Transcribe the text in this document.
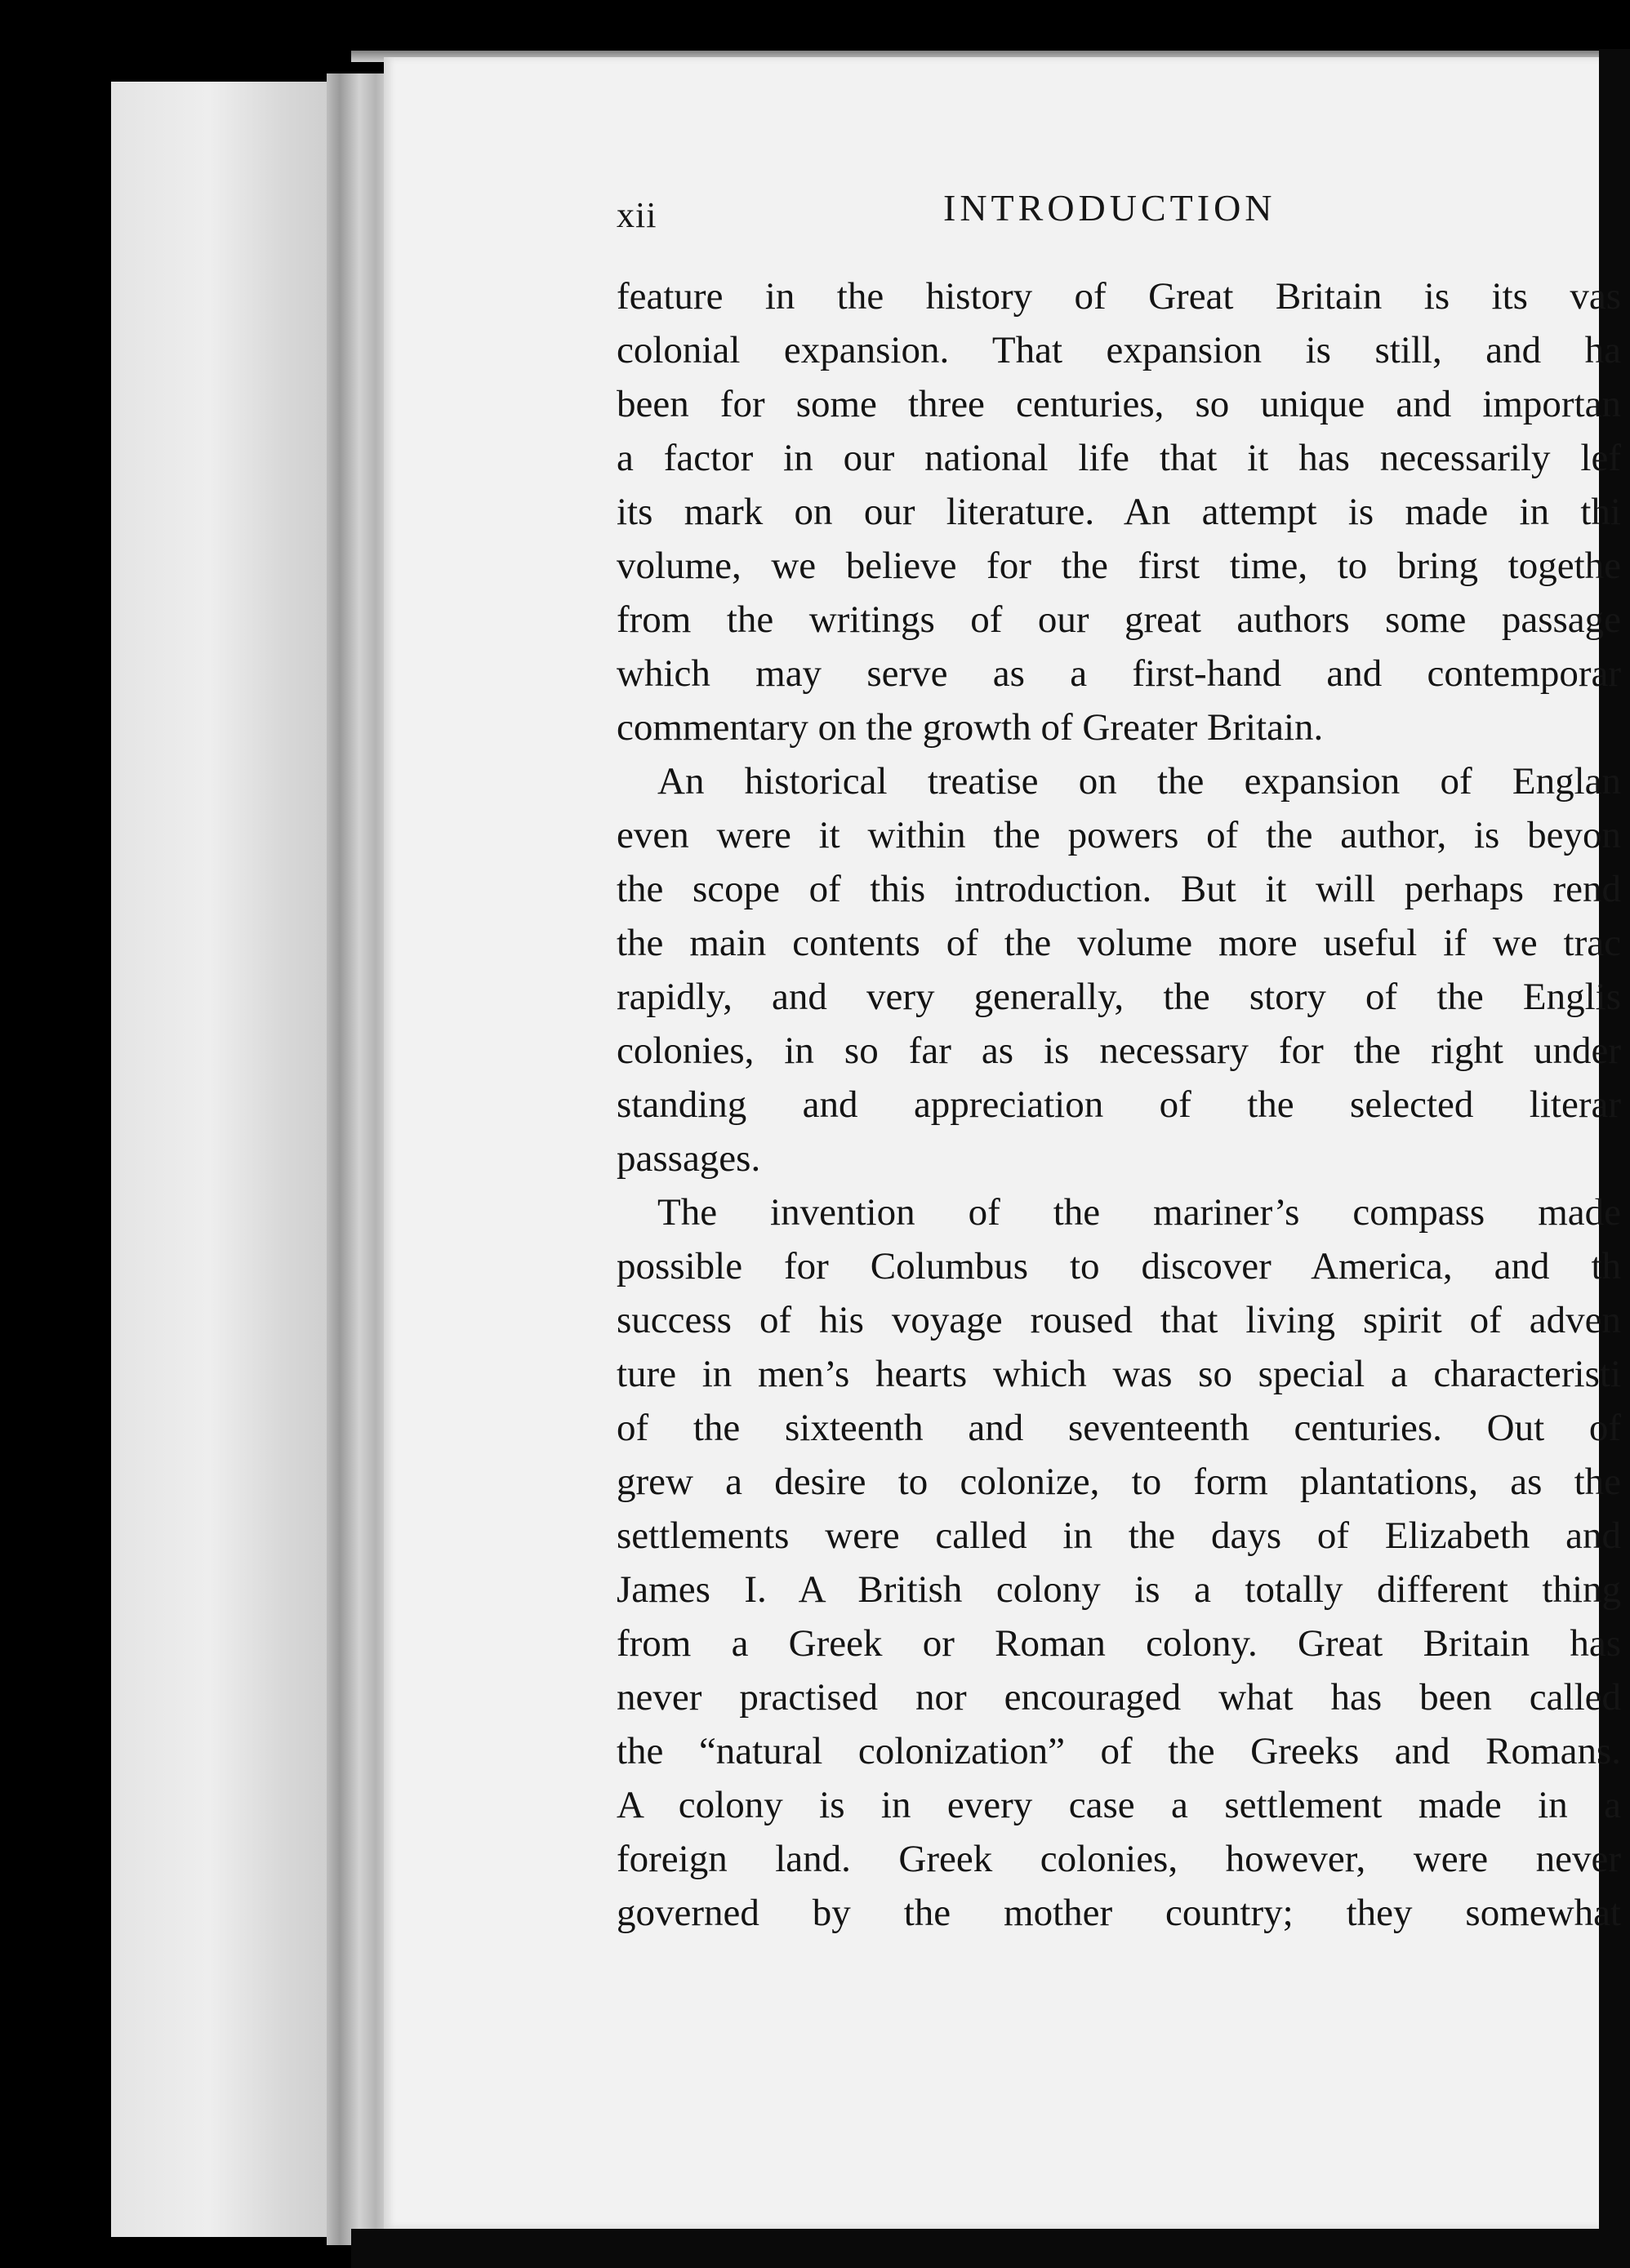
xii	INTRODUCTION
feature in the history of Great Britain is its vas
colonial expansion. That expansion is still, and ha
been for some three centuries, so unique and importan
a factor in our national life that it has necessarily lef
its mark on our literature. An attempt is made in thi
volume, we believe for the first time, to bring togethe
from the writings of our great authors some passage
which may serve as a first-hand and contemporar
commentary on the growth of Greater Britain.
An historical treatise on the expansion of Englan
even were it within the powers of the author, is beyon
the scope of this introduction. But it will perhaps rend
the main contents of the volume more useful if we trac
rapidly, and very generally, the story of the Englis
colonies, in so far as is necessary for the right under
standing and appreciation of the selected literar
passages.
The invention of the mariner’s compass made
possible for Columbus to discover America, and th
success of his voyage roused that living spirit of adven
ture in men’s hearts which was so special a characteristi
of the sixteenth and seventeenth centuries. Out of
grew a desire to colonize, to form plantations, as the
settlements were called in the days of Elizabeth and
James I. A British colony is a totally different thing
from a Greek or Roman colony. Great Britain has
never practised nor encouraged what has been called
the “natural colonization” of the Greeks and Romans.
A colony is in every case a settlement made in a
foreign land. Greek colonies, however, were never
governed by the mother country; they somewhat
